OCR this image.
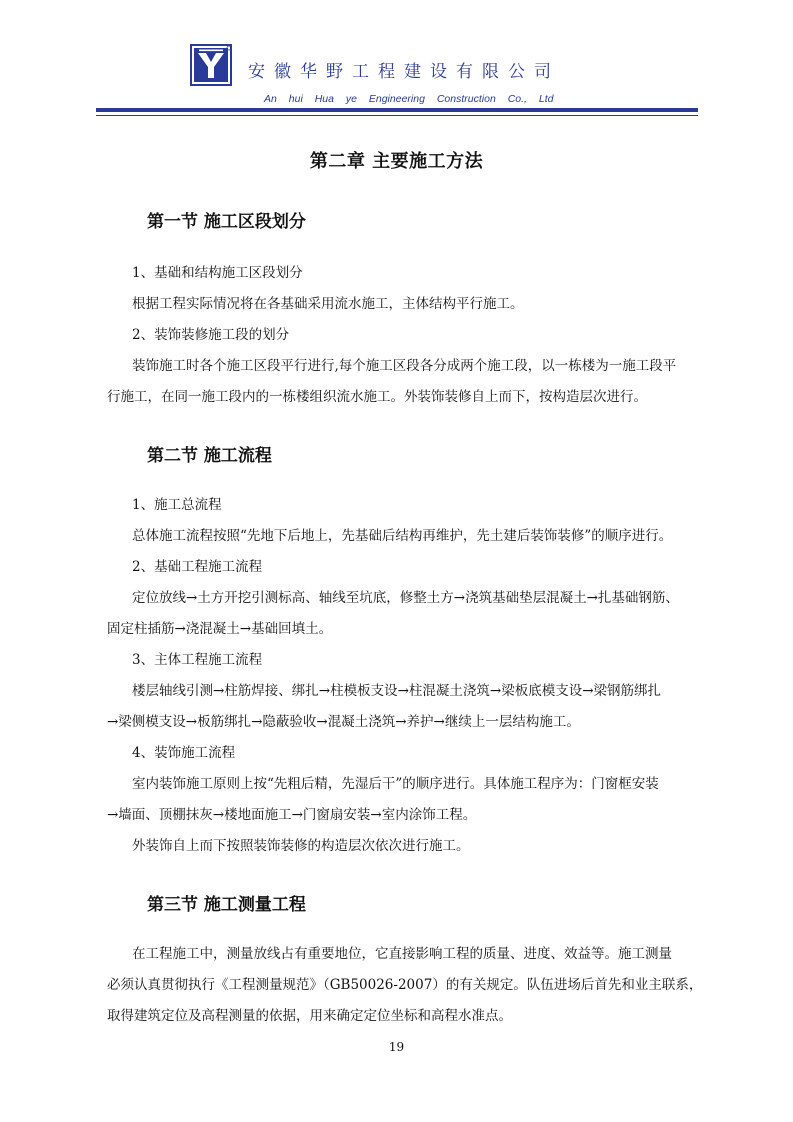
安徽华野工程建设有限公司
An hui Hua ye Engineering Construction Co., Ltd
第二章 主要施工方法
第一节 施工区段划分
1、基础和结构施工区段划分
根据工程实际情况将在各基础采用流水施工，主体结构平行施工。
2、装饰装修施工段的划分
装饰施工时各个施工区段平行进行,每个施工区段各分成两个施工段，以一栋楼为一施工段平
行施工，在同一施工段内的一栋楼组织流水施工。外装饰装修自上而下，按构造层次进行。
第二节 施工流程
1、施工总流程
总体施工流程按照“先地下后地上，先基础后结构再维护，先土建后装饰装修”的顺序进行。
2、基础工程施工流程
定位放线→土方开挖引测标高、轴线至坑底，修整土方→浇筑基础垫层混凝土→扎基础钢筋、
固定柱插筋→浇混凝土→基础回填土。
3、主体工程施工流程
楼层轴线引测→柱筋焊接、绑扎→柱模板支设→柱混凝土浇筑→梁板底模支设→梁钢筋绑扎
→梁侧模支设→板筋绑扎→隐蔽验收→混凝土浇筑→养护→继续上一层结构施工。
4、装饰施工流程
室内装饰施工原则上按“先粗后精，先湿后干”的顺序进行。具体施工程序为：门窗框安装
→墙面、顶棚抹灰→楼地面施工→门窗扇安装→室内涂饰工程。
外装饰自上而下按照装饰装修的构造层次依次进行施工。
第三节 施工测量工程
在工程施工中，测量放线占有重要地位，它直接影响工程的质量、进度、效益等。施工测量
必须认真贯彻执行《工程测量规范》（GB50026-2007）的有关规定。队伍进场后首先和业主联系，
取得建筑定位及高程测量的依据，用来确定定位坐标和高程水准点。
19
